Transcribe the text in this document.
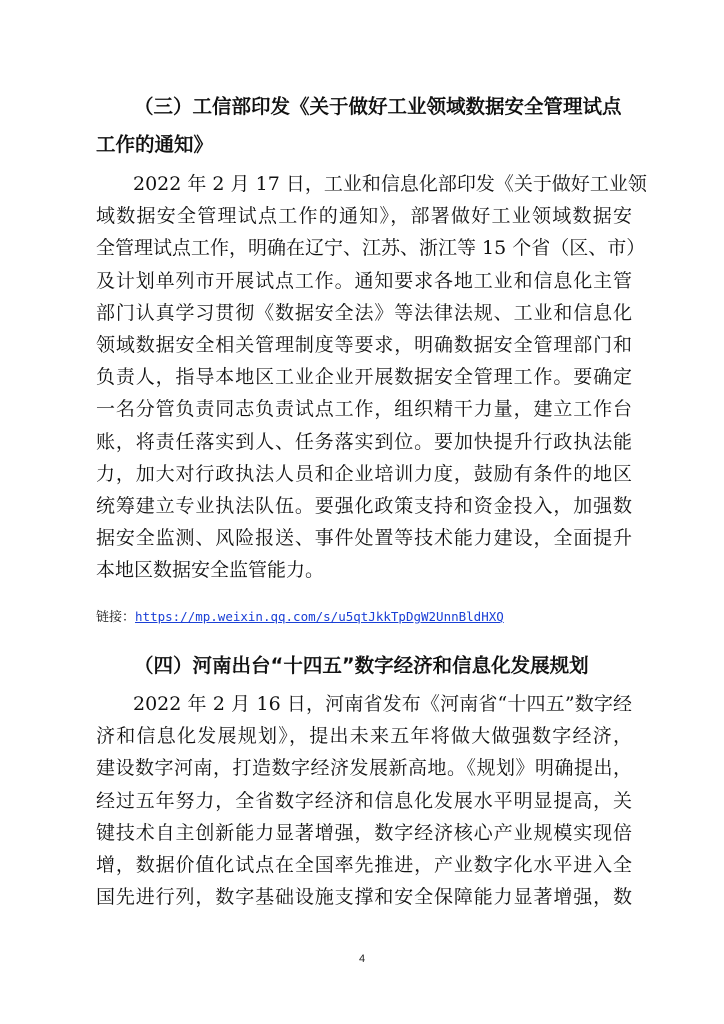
（三）工信部印发《关于做好工业领域数据安全管理试点
工作的通知》
2022 年 2 月 17 日，工业和信息化部印发《关于做好工业领
域数据安全管理试点工作的通知》，部署做好工业领域数据安
全管理试点工作，明确在辽宁、江苏、浙江等 15 个省（区、市）
及计划单列市开展试点工作。通知要求各地工业和信息化主管
部门认真学习贯彻《数据安全法》等法律法规、工业和信息化
领域数据安全相关管理制度等要求，明确数据安全管理部门和
负责人，指导本地区工业企业开展数据安全管理工作。要确定
一名分管负责同志负责试点工作，组织精干力量，建立工作台
账，将责任落实到人、任务落实到位。要加快提升行政执法能
力，加大对行政执法人员和企业培训力度，鼓励有条件的地区
统筹建立专业执法队伍。要强化政策支持和资金投入，加强数
据安全监测、风险报送、事件处置等技术能力建设，全面提升
本地区数据安全监管能力。
链接：https://mp.weixin.qq.com/s/u5qtJkkTpDgW2UnnBldHXQ
（四）河南出台“十四五”数字经济和信息化发展规划
2022 年 2 月 16 日，河南省发布《河南省“十四五”数字经
济和信息化发展规划》，提出未来五年将做大做强数字经济，
建设数字河南，打造数字经济发展新高地。《规划》明确提出，
经过五年努力，全省数字经济和信息化发展水平明显提高，关
键技术自主创新能力显著增强，数字经济核心产业规模实现倍
增，数据价值化试点在全国率先推进，产业数字化水平进入全
国先进行列，数字基础设施支撑和安全保障能力显著增强，数
4
